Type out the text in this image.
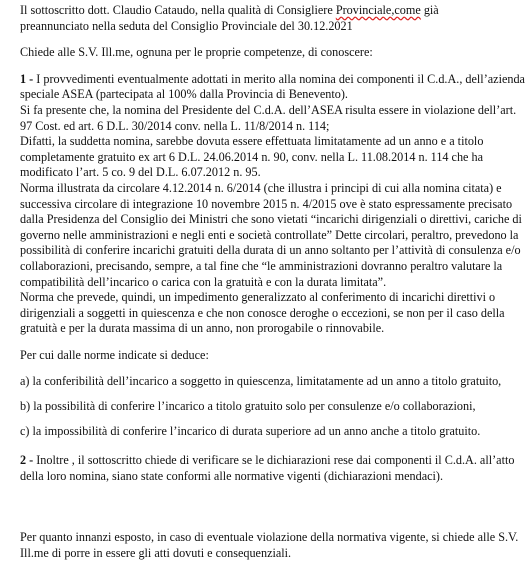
Il sottoscritto dott. Claudio Cataudo, nella qualità di Consigliere Provinciale,come già
preannunciato nella seduta del Consiglio Provinciale del 30.12.2021

Chiede alle S.V. Ill.me, ognuna per le proprie competenze, di conoscere:

1 - I provvedimenti eventualmente adottati in merito alla nomina dei componenti il C.d.A., dell’azienda speciale ASEA (partecipata al 100% dalla Provincia di Benevento).

Si fa presente che, la nomina del Presidente del C.d.A. dell’ASEA risulta essere in violazione dell’art. 97 Cost. ed art. 6 D.L. 30/2014 conv. nella L. 11/8/2014 n. 114;

Difatti, la suddetta nomina, sarebbe dovuta essere effettuata limitatamente ad un anno e a titolo completamente gratuito ex art 6 D.L. 24.06.2014 n. 90, conv. nella L. 11.08.2014 n. 114 che ha modificato l’art. 5 co. 9 del D.L. 6.07.2012 n. 95.

Norma illustrata da circolare 4.12.2014 n. 6/2014 (che illustra i principi di cui alla nomina citata) e successiva circolare di integrazione 10 novembre 2015 n. 4/2015 ove è stato espressamente precisato dalla Presidenza del Consiglio dei Ministri che sono vietati “incarichi dirigenziali o direttivi, cariche di governo nelle amministrazioni e negli enti e società controllate” Dette circolari, peraltro, prevedono la possibilità di conferire incarichi gratuiti della durata di un anno soltanto per l’attività di consulenza e/o collaborazioni, precisando, sempre, a tal fine che “le amministrazioni dovranno peraltro valutare la compatibilità dell’incarico o carica con la gratuità e con la durata limitata”.

Norma che prevede, quindi, un impedimento generalizzato al conferimento di incarichi direttivi o dirigenziali a soggetti in quiescenza e che non conosce deroghe o eccezioni, se non per il caso della gratuità e per la durata massima di un anno, non prorogabile o rinnovabile.

Per cui dalle norme indicate si deduce:

a) la conferibilità dell’incarico a soggetto in quiescenza, limitatamente ad un anno a titolo gratuito,

b) la possibilità di conferire l’incarico a titolo gratuito solo per consulenze e/o collaborazioni,

c) la impossibilità di conferire l’incarico di durata superiore ad un anno anche a titolo gratuito.

2 - Inoltre , il sottoscritto chiede di verificare se le dichiarazioni rese dai componenti il C.d.A. all’atto della loro nomina, siano state conformi alle normative vigenti (dichiarazioni mendaci).

Per quanto innanzi esposto, in caso di eventuale violazione della normativa vigente, si chiede alle S.V. Ill.me di porre in essere gli atti dovuti e consequenziali.
